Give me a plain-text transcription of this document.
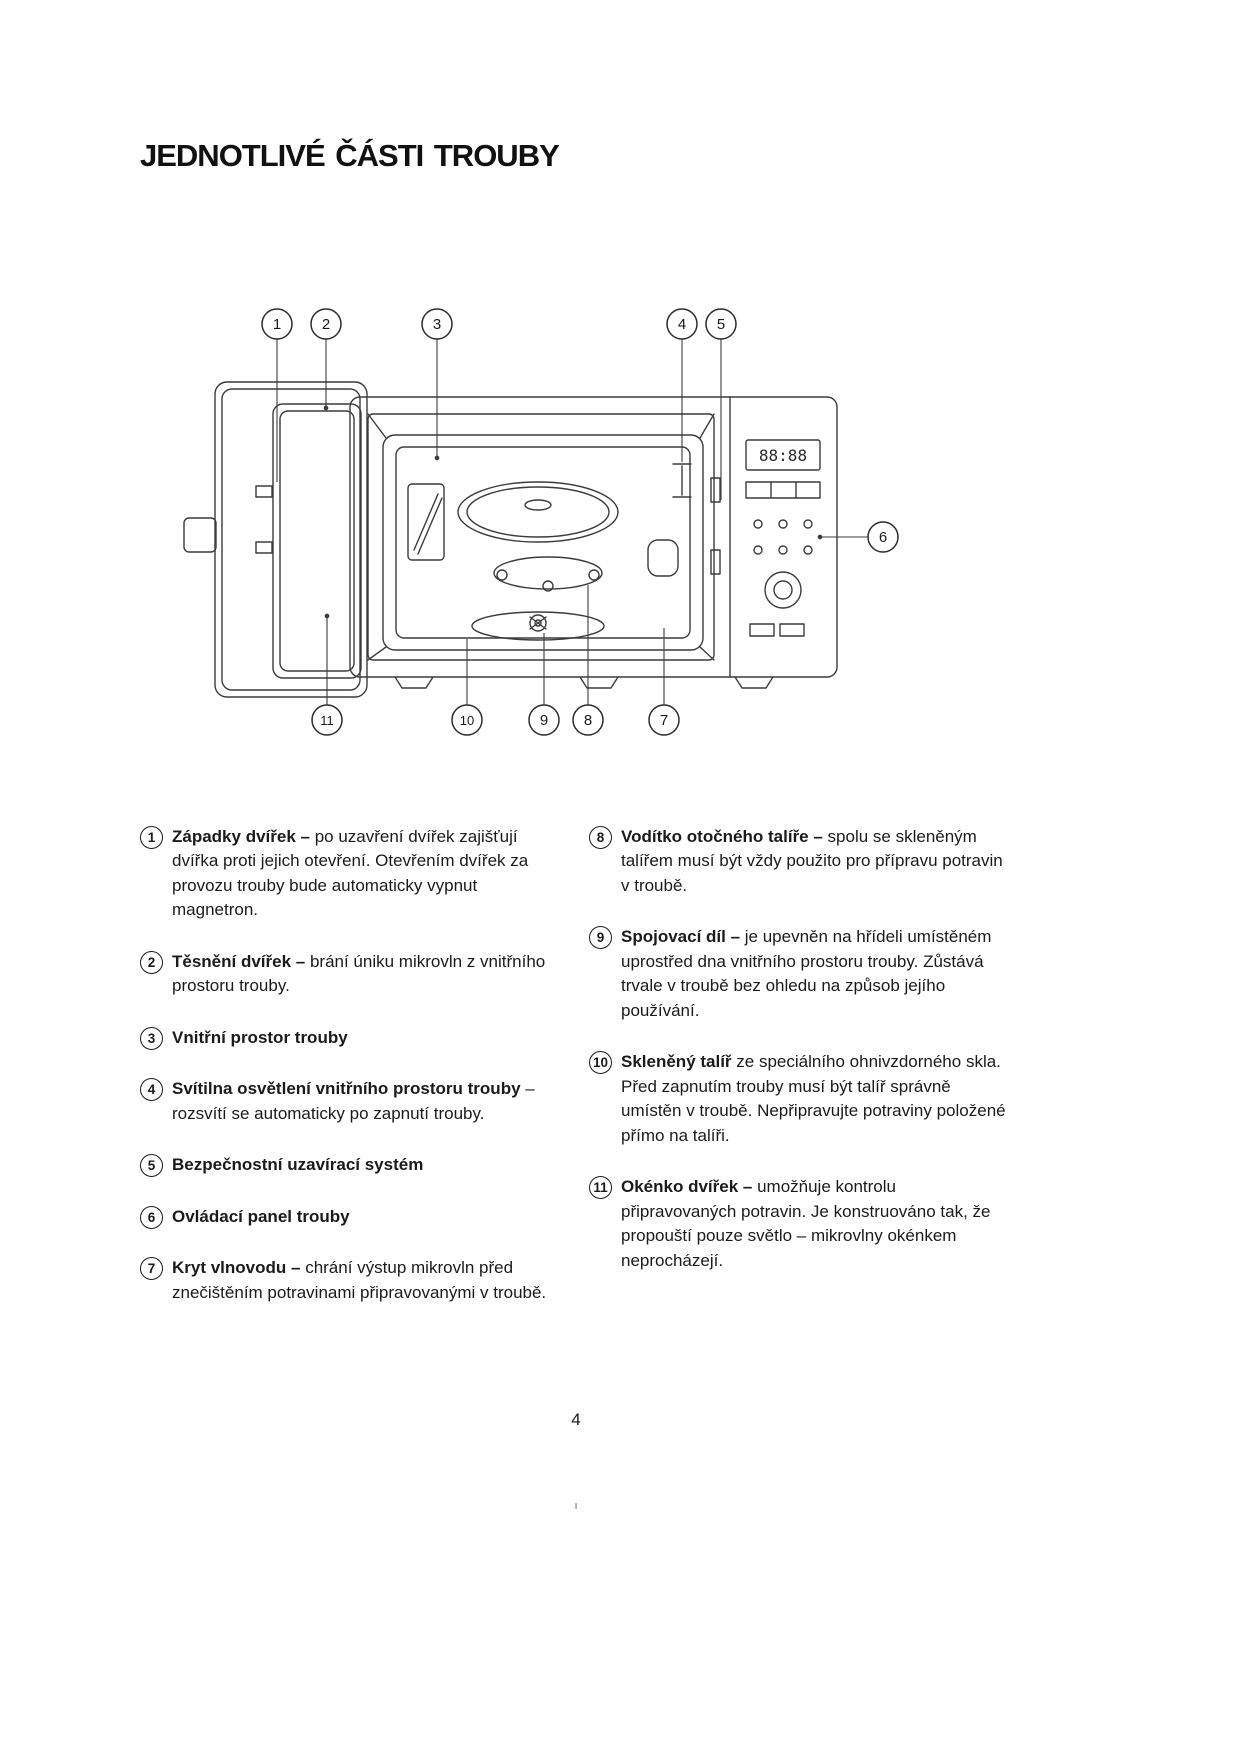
JEDNOTLIVÉ ČÁSTI TROUBY
88:88
1	2	3	4 5
6
11	10	9 8	7
1 Západky dvířek – po uzavření dvířek zajišťují dvířka proti jejich otevření. Otevřením dvířek za provozu trouby bude automaticky vypnut magnetron.

2 Těsnění dvířek – brání úniku mikrovln z vnitřního prostoru trouby.

3 Vnitřní prostor trouby

4 Svítilna osvětlení vnitřního prostoru trouby – rozsvítí se automaticky po zapnutí trouby.

5 Bezpečnostní uzavírací systém

6 Ovládací panel trouby

7 Kryt vlnovodu – chrání výstup mikrovln před znečištěním potravinami připravovanými v troubě.

8 Vodítko otočného talíře – spolu se skleněným talířem musí být vždy použito pro přípravu potravin v troubě.

9 Spojovací díl – je upevněn na hřídeli umístěném uprostřed dna vnitřního prostoru trouby. Zůstává trvale v troubě bez ohledu na způsob jejího používání.

10 Skleněný talíř ze speciálního ohnivzdorného skla. Před zapnutím trouby musí být talíř správně umístěn v troubě. Nepřipravujte potraviny položené přímo na talíři.

11 Okénko dvířek – umožňuje kontrolu připravovaných potravin. Je konstruováno tak, že propouští pouze světlo – mikrovlny okénkem neprocházejí.

4
ı
